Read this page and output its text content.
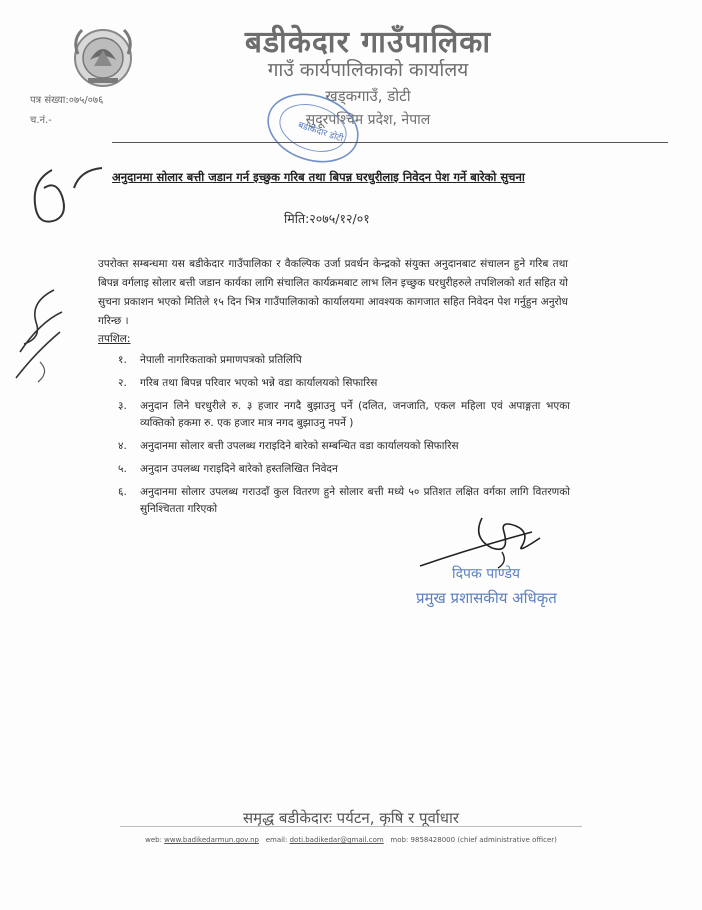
बडीकेदार गाउँपालिका
गाउँ कार्यपालिकाको कार्यालय
खड्कगाउँ, डोटी
सुदूरपश्चिम प्रदेश, नेपाल
पत्र संख्या:०७५/०७६
च.नं.-
बडीकेदार डोटी
अनुदानमा सोलार बत्ती जडान गर्न इच्छुक गरिब तथा बिपन्न घरधुरीलाइ निवेदन पेश गर्ने बारेको सुचना
मिति:२०७५/१२/०१
उपरोक्त सम्बन्धमा यस बडीकेदार गाउँपालिका र वैकल्पिक उर्जा प्रवर्धन केन्द्रको संयुक्त अनुदानबाट संचालन हुने गरिब तथा बिपन्न वर्गलाइ सोलार बत्ती जडान कार्यका लागि संचालित कार्यक्रमबाट लाभ लिन इच्छुक घरधुरीहरुले तपशिलको शर्त सहित यो सुचना प्रकाशन भएको मितिले १५ दिन भित्र गाउँपालिकाको कार्यालयमा आवश्यक कागजात सहित निवेदन पेश गर्नुहुन अनुरोध गरिन्छ ।
तपशिल:
१.	नेपाली नागरिकताको प्रमाणपत्रको प्रतिलिपि
२.	गरिब तथा बिपन्न परिवार भएको भन्ने वडा कार्यालयको सिफारिस
३.	अनुदान लिने घरधुरीले रु. ३ हजार नगदै बुझाउनु पर्ने (दलित, जनजाति, एकल महिला एवं अपाङ्गता भएका व्यक्तिको हकमा रु. एक हजार मात्र नगद बुझाउनु नपर्ने )
४.	अनुदानमा सोलार बत्ती उपलब्ध गराइदिने बारेको सम्बन्धित वडा कार्यालयको सिफारिस
५.	अनुदान उपलब्ध गराइदिने बारेको हस्तलिखित निवेदन
६.	अनुदानमा सोलार उपलब्ध गराउदाँ कुल वितरण हुने सोलार बत्ती मध्ये ५० प्रतिशत लक्षित वर्गका लागि वितरणको सुनिश्चितता गरिएको
दिपक पाण्डेय
प्रमुख प्रशासकीय अधिकृत
समृद्ध बडीकेदारः पर्यटन, कृषि र पूर्वाधार
web: www.badikedarmun.gov.np email: doti.badikedar@gmail.com mob: 9858428000 (chief administrative officer)
